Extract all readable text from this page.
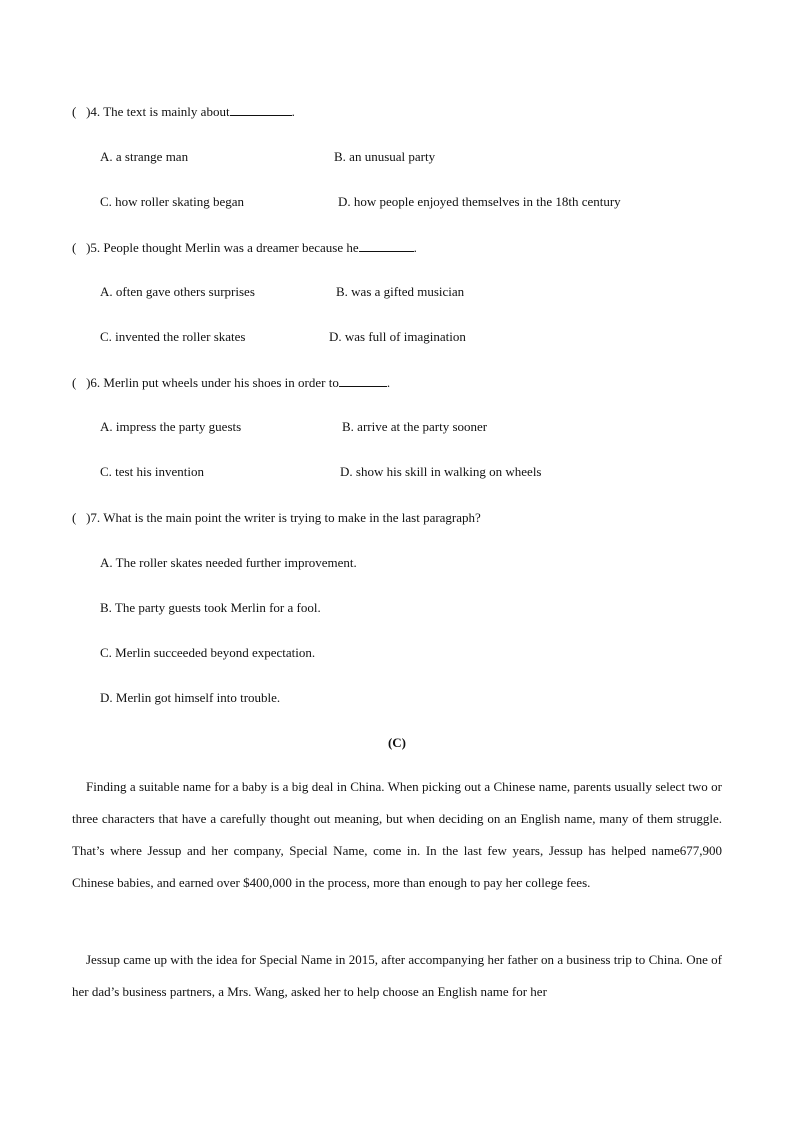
( )4. The text is mainly about	.
A. a strange man	B. an unusual party
C. how roller skating began	D. how people enjoyed themselves in the 18th century
( )5. People thought Merlin was a dreamer because he	.
A. often gave others surprises	B. was a gifted musician
C. invented the roller skates	D. was full of imagination
( )6. Merlin put wheels under his shoes in order to	.
A. impress the party guests	B. arrive at the party sooner
C. test his invention	D. show his skill in walking on wheels
( )7. What is the main point the writer is trying to make in the last paragraph?
A. The roller skates needed further improvement.
B. The party guests took Merlin for a fool.
C. Merlin succeeded beyond expectation.
D. Merlin got himself into trouble.
(C)
Finding a suitable name for a baby is a big deal in China. When picking out a Chinese name, parents usually select two or three characters that have a carefully thought out meaning, but when deciding on an English name, many of them struggle. That’s where Jessup and her company, Special Name, come in. In the last few years, Jessup has helped name677,900 Chinese babies, and earned over $400,000 in the process, more than enough to pay her college fees.
Jessup came up with the idea for Special Name in 2015, after accompanying her father on a business trip to China. One of her dad’s business partners, a Mrs. Wang, asked her to help choose an English name for her
